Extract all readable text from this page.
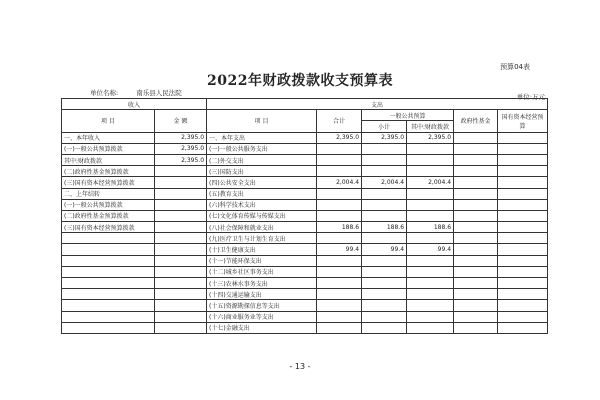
预算04表
2022年财政拨款收支预算表
单位名称:	南乐县人民法院	单位:万元
收入		支出					
项 目	金 额	项 目	合计	一般公共预算		政府性基金	国有资本经营预算
				小计	其中:财政拨款		
一、本年收入	2,395.0	一、本年支出	2,395.0	2,395.0	2,395.0		
(一)一般公共预算拨款	2,395.0	(一)一般公共服务支出					
其中:财政拨款	2,395.0	(二)外交支出					
(二)政府性基金预算拨款		(三)国防支出					
(三)国有资本经营预算拨款		(四)公共安全支出	2,004.4	2,004.4	2,004.4		
二、上年结转		(五)教育支出					
(一)一般公共预算拨款		(六)科学技术支出					
(二)政府性基金预算拨款		(七)文化体育传媒与传媒支出					
(三)国有资本经营预算拨款		(八)社会保障和就业支出	188.6	188.6	188.6		
		(九)医疗卫生与计划生育支出					
		(十)卫生健康支出	99.4	99.4	99.4		
		(十一)节能环保支出					
		(十二)城乡社区事务支出					
		(十三)农林水事务支出					
		(十四)交通运输支出					
		(十五)资源勘探信息等支出					
		(十六)商业服务业等支出					
		(十七)金融支出					
- 13 -
